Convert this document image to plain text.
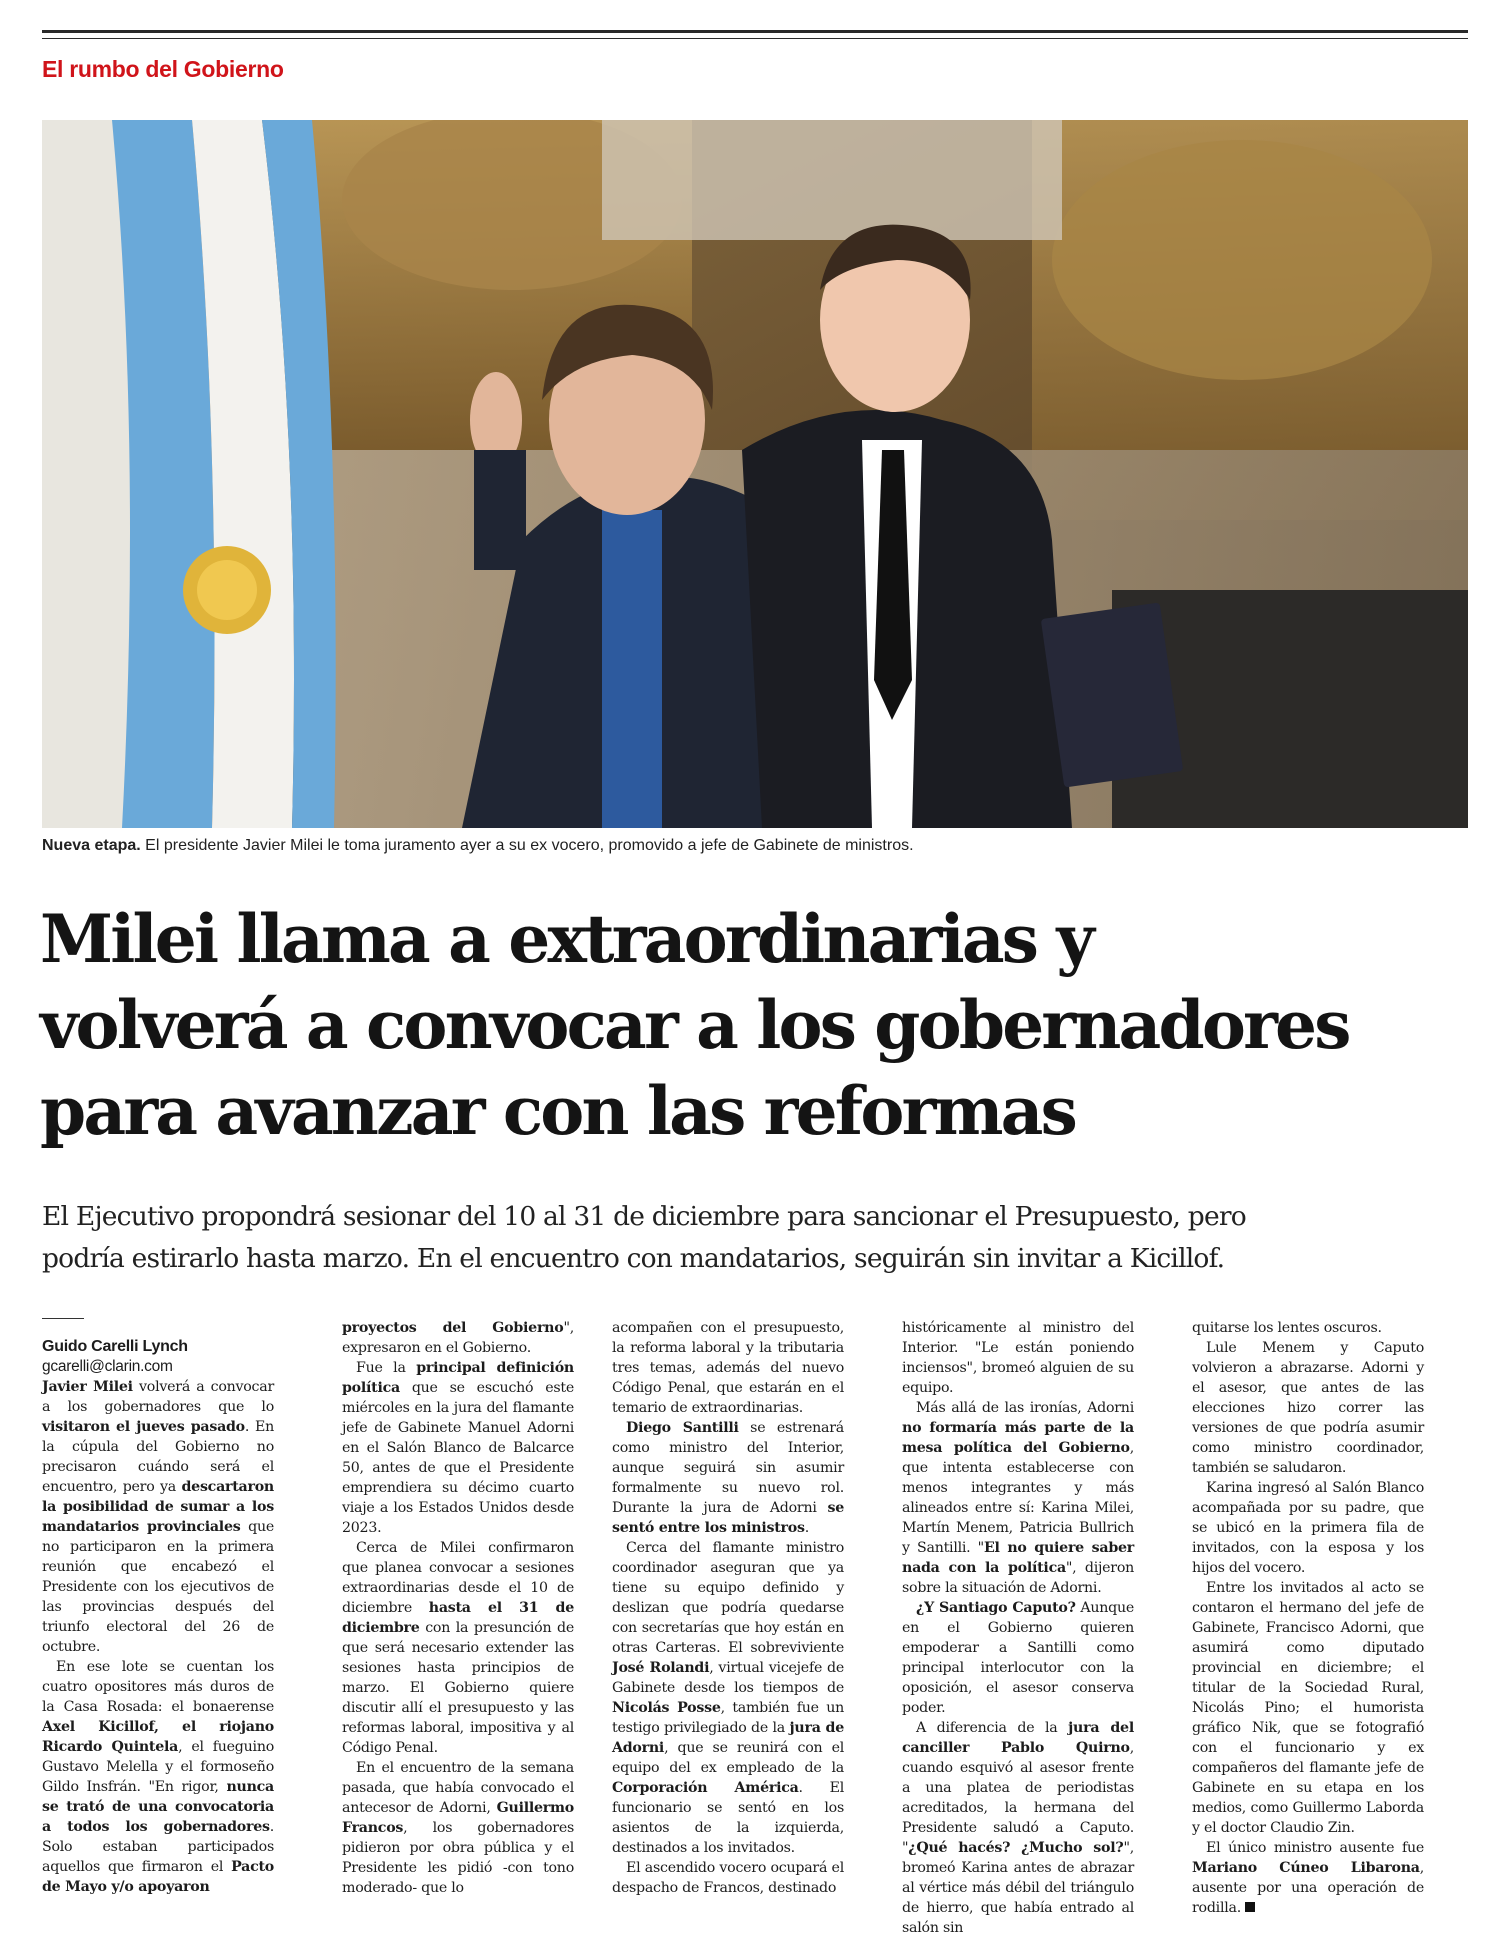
El rumbo del Gobierno
Nueva etapa. El presidente Javier Milei le toma juramento ayer a su ex vocero, promovido a jefe de Gabinete de ministros.
Milei llama a extraordinarias y
volverá a convocar a los gobernadores
para avanzar con las reformas

El Ejecutivo propondrá sesionar del 10 al 31 de diciembre para sancionar el Presupuesto, pero
podría estirarlo hasta marzo. En el encuentro con mandatarios, seguirán sin invitar a Kicillof.

Guido Carelli Lynch

gcarelli@clarin.com

Javier Milei volverá a convocar a los gobernadores que lo visitaron el jueves pasado. En la cúpula del Gobierno no precisaron cuándo será el encuentro, pero ya descartaron la posibilidad de sumar a los mandatarios provinciales que no participaron en la primera reunión que encabezó el Presidente con los ejecutivos de las provincias después del triunfo electoral del 26 de octubre.

En ese lote se cuentan los cuatro opositores más duros de la Casa Rosada: el bonaerense Axel Kicillof, el riojano Ricardo Quintela, el fueguino Gustavo Melella y el formoseño Gildo Insfrán. "En rigor, nunca se trató de una convocatoria a todos los gobernadores. Solo estaban participados aquellos que firmaron el Pacto de Mayo y/o apoyaron

proyectos del Gobierno", expresaron en el Gobierno.

Fue la principal definición política que se escuchó este miércoles en la jura del flamante jefe de Gabinete Manuel Adorni en el Salón Blanco de Balcarce 50, antes de que el Presidente emprendiera su décimo cuarto viaje a los Estados Unidos desde 2023.

Cerca de Milei confirmaron que planea convocar a sesiones extraordinarias desde el 10 de diciembre hasta el 31 de diciembre con la presunción de que será necesario extender las sesiones hasta principios de marzo. El Gobierno quiere discutir allí el presupuesto y las reformas laboral, impositiva y al Código Penal.

En el encuentro de la semana pasada, que había convocado el antecesor de Adorni, Guillermo Francos, los gobernadores pidieron por obra pública y el Presidente les pidió -con tono moderado- que lo

acompañen con el presupuesto, la reforma laboral y la tributaria tres temas, además del nuevo Código Penal, que estarán en el temario de extraordinarias.

Diego Santilli se estrenará como ministro del Interior, aunque seguirá sin asumir formalmente su nuevo rol. Durante la jura de Adorni se sentó entre los ministros.

Cerca del flamante ministro coordinador aseguran que ya tiene su equipo definido y deslizan que podría quedarse con secretarías que hoy están en otras Carteras. El sobreviviente José Rolandi, virtual vicejefe de Gabinete desde los tiempos de Nicolás Posse, también fue un testigo privilegiado de la jura de Adorni, que se reunirá con el equipo del ex empleado de la Corporación América. El funcionario se sentó en los asientos de la izquierda, destinados a los invitados.

El ascendido vocero ocupará el despacho de Francos, destinado

históricamente al ministro del Interior. "Le están poniendo inciensos", bromeó alguien de su equipo.

Más allá de las ironías, Adorni no formaría más parte de la mesa política del Gobierno, que intenta establecerse con menos integrantes y más alineados entre sí: Karina Milei, Martín Menem, Patricia Bullrich y Santilli. "El no quiere saber nada con la política", dijeron sobre la situación de Adorni.

¿Y Santiago Caputo? Aunque en el Gobierno quieren empoderar a Santilli como principal interlocutor con la oposición, el asesor conserva poder.

A diferencia de la jura del canciller Pablo Quirno, cuando esquivó al asesor frente a una platea de periodistas acreditados, la hermana del Presidente saludó a Caputo. "¿Qué hacés? ¿Mucho sol?", bromeó Karina antes de abrazar al vértice más débil del triángulo de hierro, que había entrado al salón sin

quitarse los lentes oscuros.

Lule Menem y Caputo volvieron a abrazarse. Adorni y el asesor, que antes de las elecciones hizo correr las versiones de que podría asumir como ministro coordinador, también se saludaron.

Karina ingresó al Salón Blanco acompañada por su padre, que se ubicó en la primera fila de invitados, con la esposa y los hijos del vocero.

Entre los invitados al acto se contaron el hermano del jefe de Gabinete, Francisco Adorni, que asumirá como diputado provincial en diciembre; el titular de la Sociedad Rural, Nicolás Pino; el humorista gráfico Nik, que se fotografió con el funcionario y ex compañeros del flamante jefe de Gabinete en su etapa en los medios, como Guillermo Laborda y el doctor Claudio Zin.

El único ministro ausente fue Mariano Cúneo Libarona, ausente por una operación de rodilla.
